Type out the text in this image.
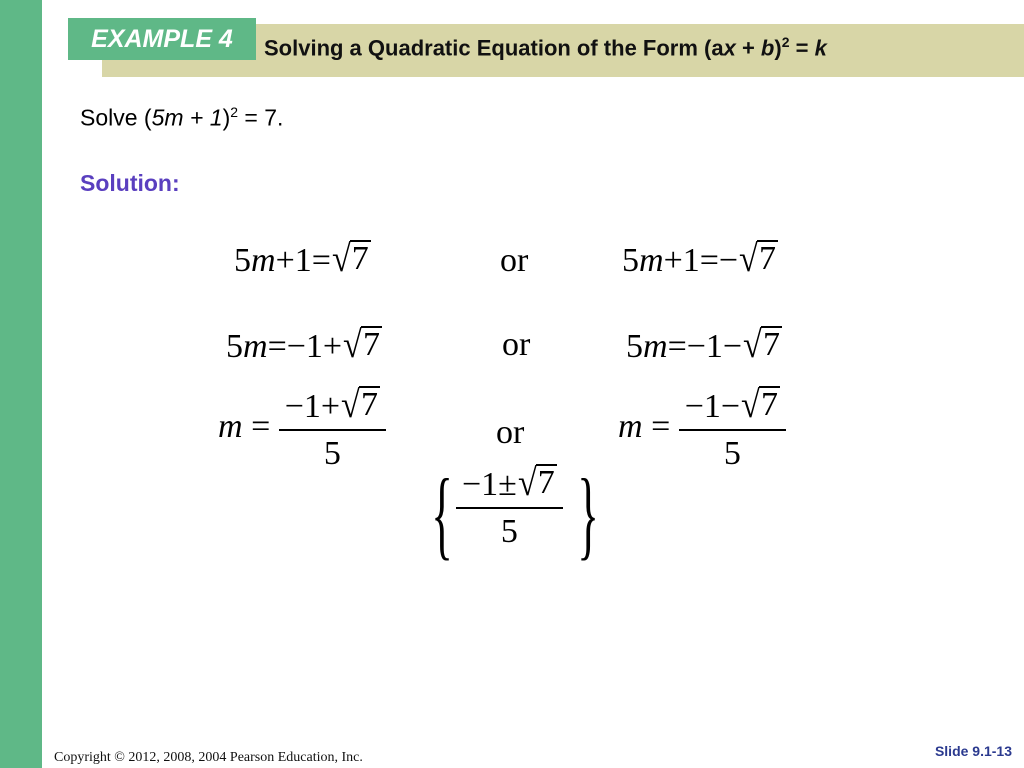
EXAMPLE 4	Solving a Quadratic Equation of the Form (ax + b)$^2$ = k
Solve $(5m + 1)^2 = 7$.
Solution:
5m+1= √ 7	or	5m+1=− √ 7
5m=−1+ √ 7	or	5m=−1− √ 7
$m = \frac{-1+ √ 7}{5}$	or	$m = \frac{-1- √ 7}{5}$
{ $\frac{-1\pm √ 7}{5}$ }
Copyright © 2012, 2008, 2004 Pearson Education, Inc.	Slide 9.1-13
